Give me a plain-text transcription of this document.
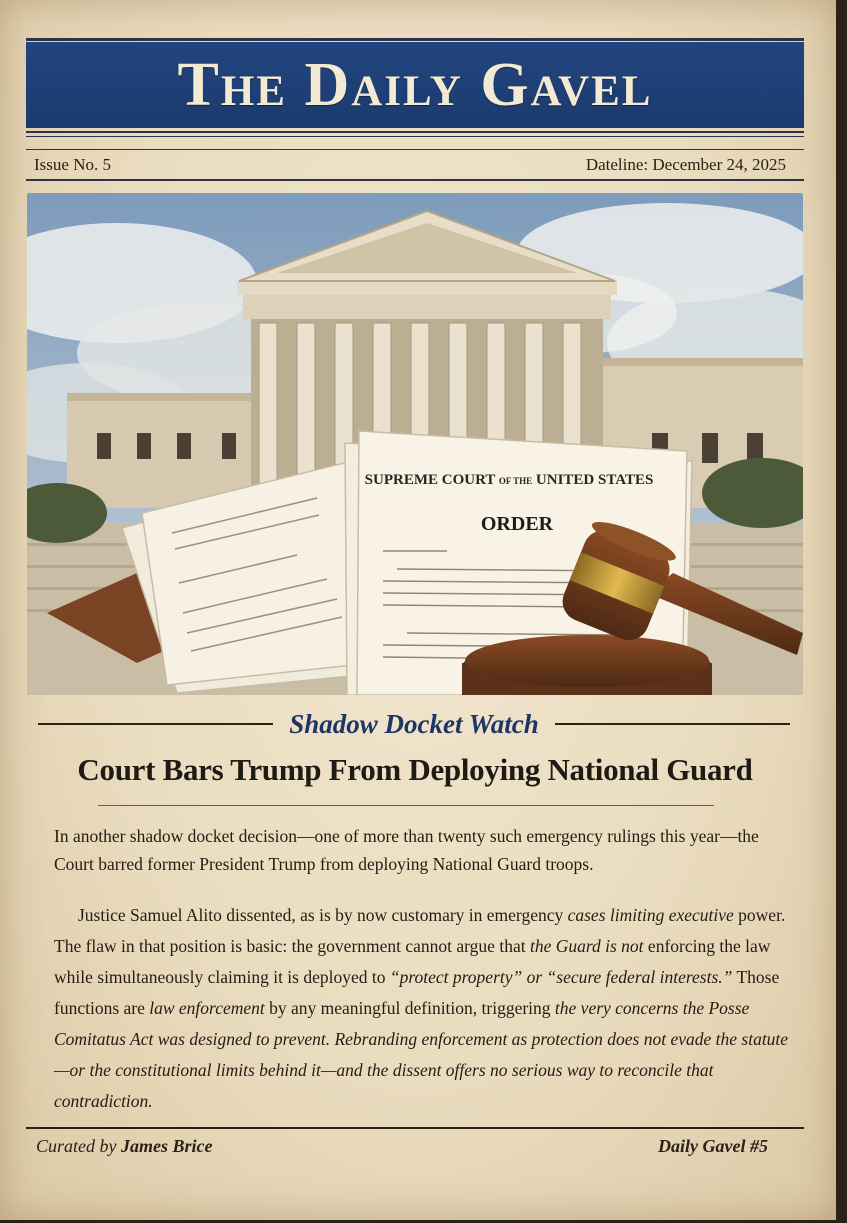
The Daily Gavel
Issue No. 5	Dateline: December 24, 2025
SUPREME COURT OF THE UNITED STATES
ORDER
Shadow Docket Watch
Court Bars Trump From Deploying National Guard

In another shadow docket decision—one of more than twenty such emergency rulings this year—the Court barred former President Trump from deploying National Guard troops.

Justice Samuel Alito dissented, as is by now customary in emergency cases limiting executive power. The flaw in that position is basic: the government cannot argue that the Guard is not enforcing the law while simultaneously claiming it is deployed to “protect property” or “secure federal interests.” Those functions are law enforcement by any meaningful definition, triggering the very concerns the Posse Comitatus Act was designed to prevent. Rebranding enforcement as protection does not evade the statute—or the constitutional limits behind it—and the dissent offers no serious way to reconcile that contradiction.

Curated by James Brice	Daily Gavel #5
